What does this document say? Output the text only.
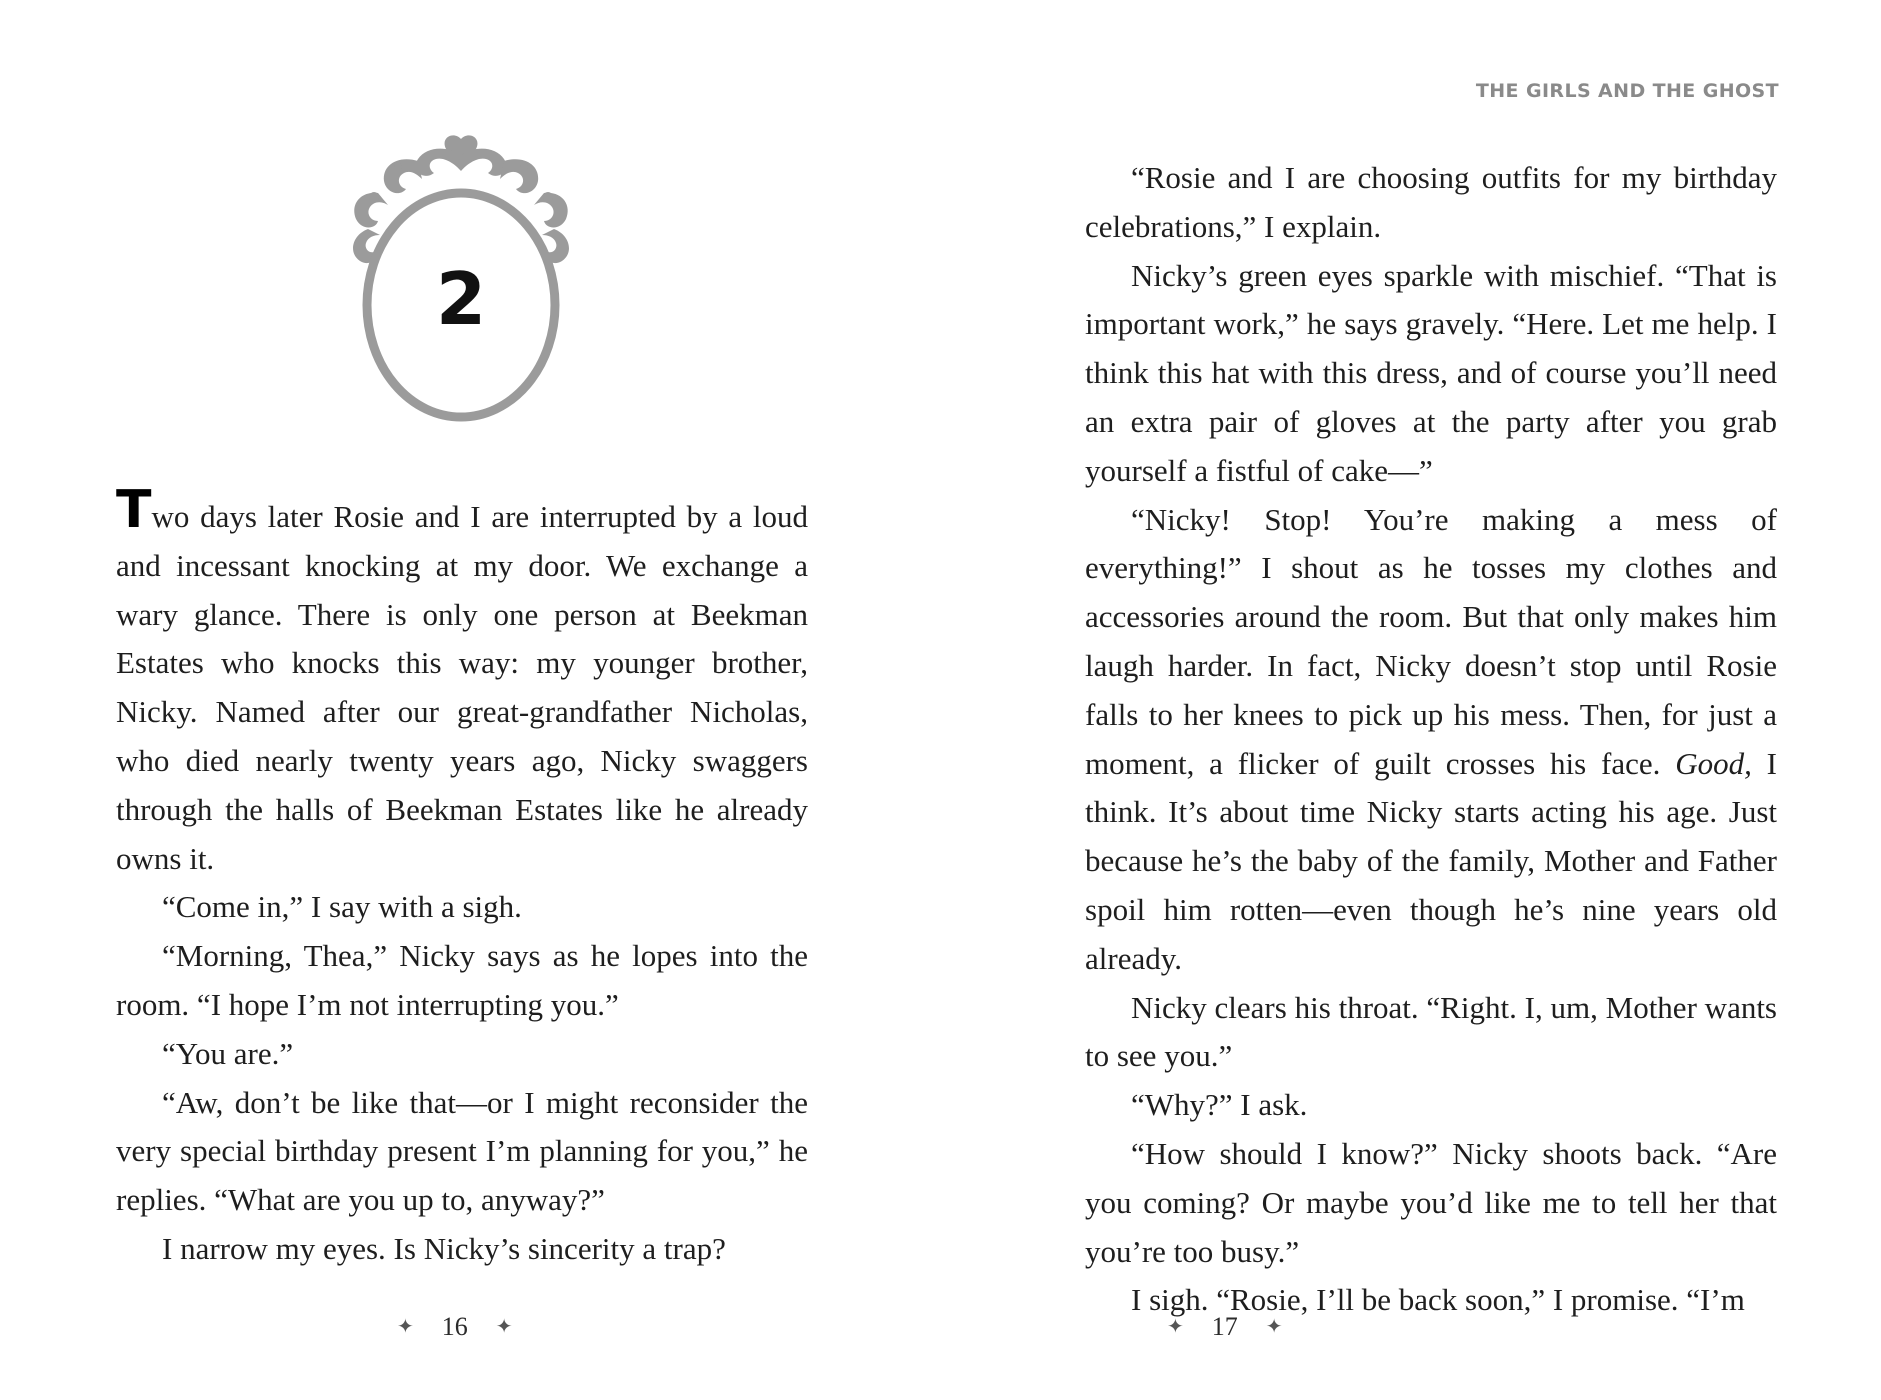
2

Two days later Rosie and I are interrupted by a loud and incessant knocking at my door. We exchange a wary glance. There is only one person at Beekman Estates who knocks this way: my younger brother, Nicky. Named after our great-grandfather Nicholas, who died nearly twenty years ago, Nicky swaggers through the halls of Beekman Estates like he already owns it.

“Come in,” I say with a sigh.

“Morning, Thea,” Nicky says as he lopes into the room. “I hope I’m not interrupting you.”

“You are.”

“Aw, don’t be like that—or I might reconsider the very special birthday present I’m planning for you,” he replies. “What are you up to, anyway?”

I narrow my eyes. Is Nicky’s sincerity a trap?

✦ 16 ✦
THE GIRLS AND THE GHOST

“Rosie and I are choosing outfits for my birthday celebrations,” I explain.

Nicky’s green eyes sparkle with mischief. “That is important work,” he says gravely. “Here. Let me help. I think this hat with this dress, and of course you’ll need an extra pair of gloves at the party after you grab yourself a fistful of cake—”

“Nicky! Stop! You’re making a mess of everything!” I shout as he tosses my clothes and accessories around the room. But that only makes him laugh harder. In fact, Nicky doesn’t stop until Rosie falls to her knees to pick up his mess. Then, for just a moment, a flicker of guilt crosses his face. Good, I think. It’s about time Nicky starts acting his age. Just because he’s the baby of the family, Mother and Father spoil him rotten—even though he’s nine years old already.

Nicky clears his throat. “Right. I, um, Mother wants to see you.”

“Why?” I ask.

“How should I know?” Nicky shoots back. “Are you coming? Or maybe you’d like me to tell her that you’re too busy.”

I sigh. “Rosie, I’ll be back soon,” I promise. “I’m

✦ 17 ✦
